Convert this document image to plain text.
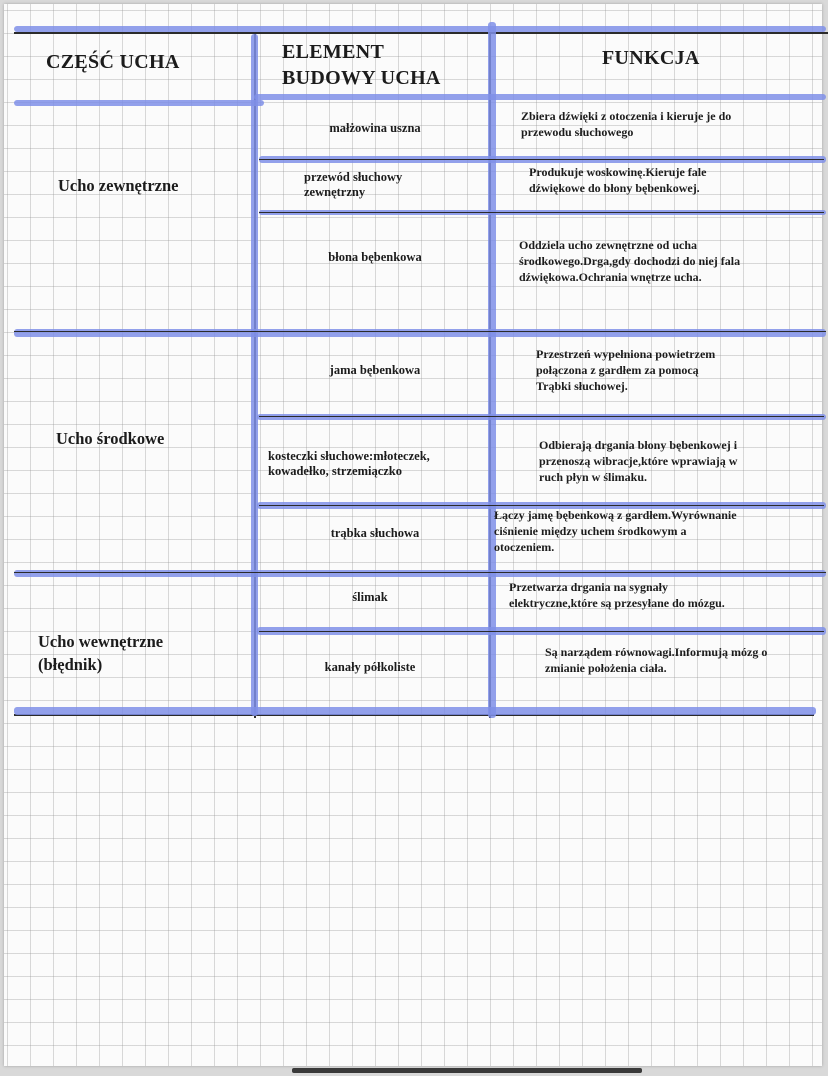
CZĘŚĆ UCHA	ELEMENT
BUDOWY UCHA
FUNKCJA
Ucho zewnętrzne
Ucho środkowe
Ucho wewnętrzne
(błędnik)
małżowina uszna
przewód słuchowy
zewnętrzny
błona bębenkowa
jama bębenkowa
kosteczki słuchowe:młoteczek,
kowadełko, strzemiączko
trąbka słuchowa
ślimak
kanały półkoliste
Zbiera dźwięki z otoczenia i kieruje je do
przewodu słuchowego
Produkuje woskowinę.Kieruje fale
dźwiękowe do błony bębenkowej.
Oddziela ucho zewnętrzne od ucha
środkowego.Drga,gdy dochodzi do niej fala
dźwiękowa.Ochrania wnętrze ucha.
Przestrzeń wypełniona powietrzem
połączona z gardłem za pomocą
Trąbki słuchowej.
Odbierają drgania błony bębenkowej i
przenoszą wibracje,które wprawiają w
ruch płyn w ślimaku.
Łączy jamę bębenkową z gardłem.Wyrównanie
ciśnienie między uchem środkowym a
otoczeniem.
Przetwarza drgania na sygnały
elektryczne,które są przesyłane do mózgu.
Są narządem równowagi.Informują mózg o
zmianie położenia ciała.
